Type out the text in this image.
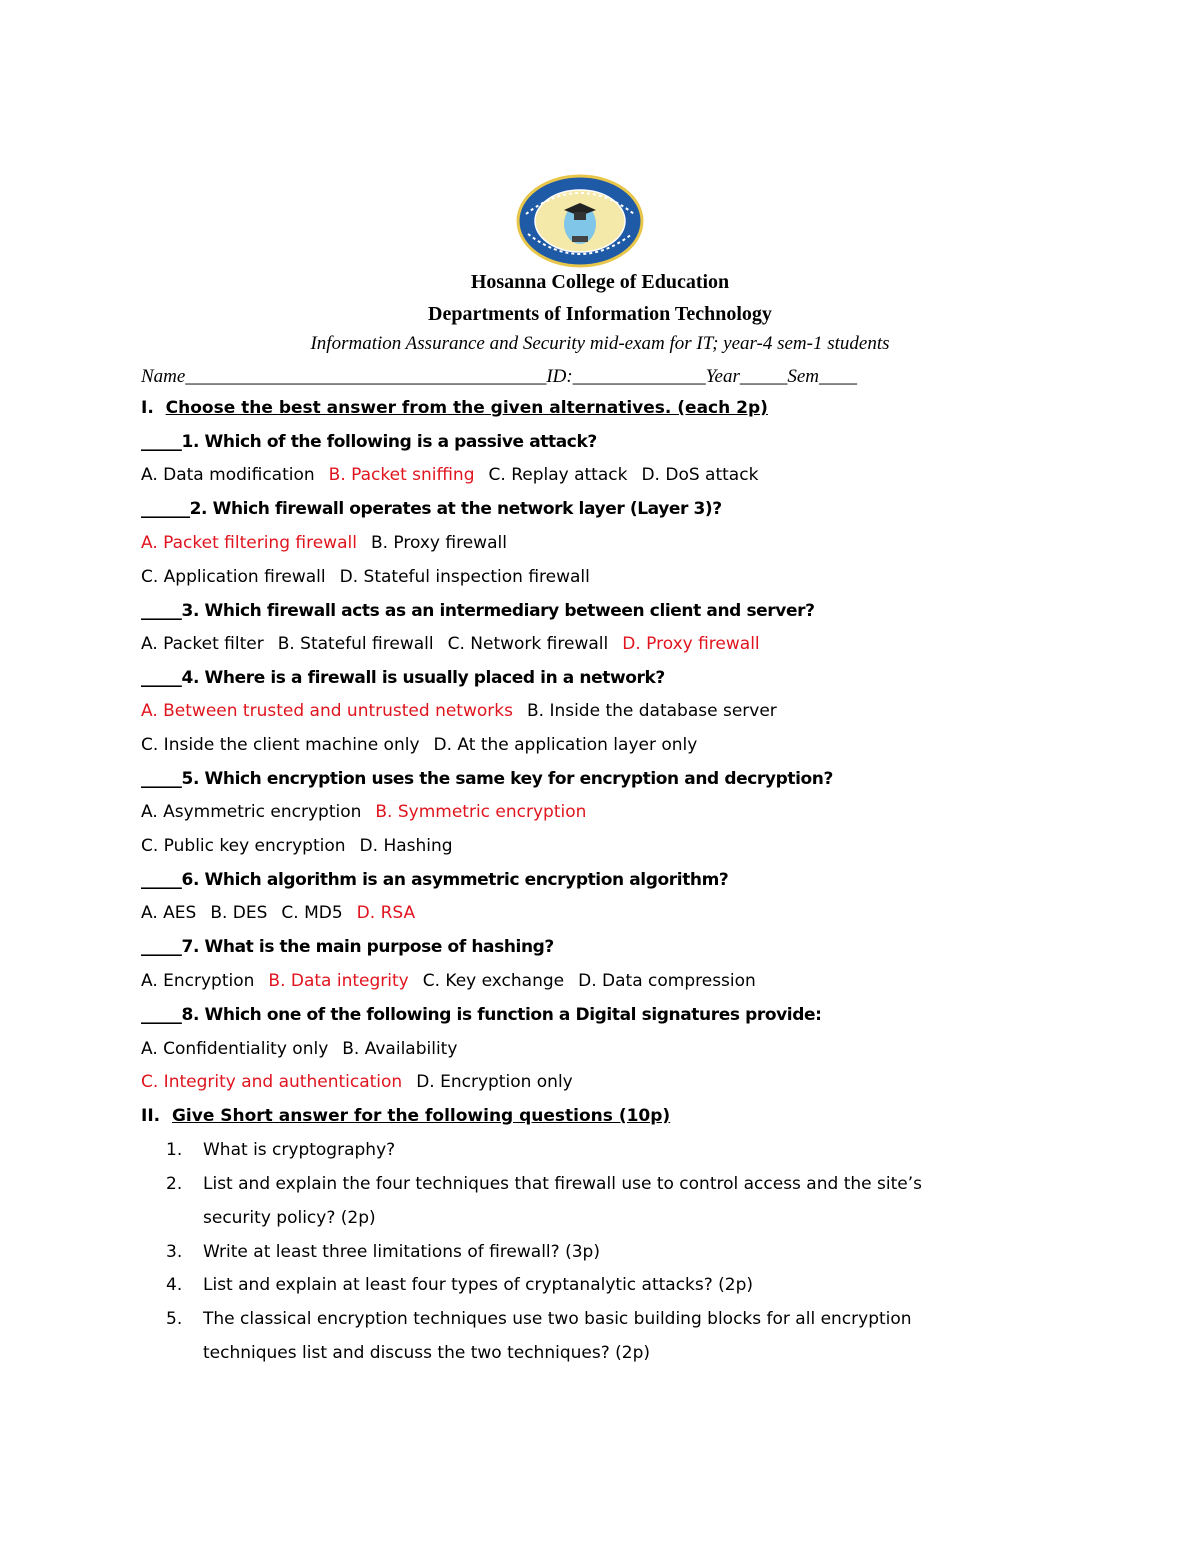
Hosanna College of Education
Departments of Information Technology
Information Assurance and Security mid-exam for IT; year-4 sem-1 students
Name______________________________________ID:______________Year_____Sem____
I. Choose the best answer from the given alternatives. (each 2p)
_____1. Which of the following is a passive attack?
A. Data modification B. Packet sniffing C. Replay attack D. DoS attack
______2. Which firewall operates at the network layer (Layer 3)?
A. Packet filtering firewall B. Proxy firewall
C. Application firewall D. Stateful inspection firewall
_____3. Which firewall acts as an intermediary between client and server?
A. Packet filter B. Stateful firewall C. Network firewall D. Proxy firewall
_____4. Where is a firewall is usually placed in a network?
A. Between trusted and untrusted networks B. Inside the database server
C. Inside the client machine only D. At the application layer only
_____5. Which encryption uses the same key for encryption and decryption?
A. Asymmetric encryption B. Symmetric encryption
C. Public key encryption D. Hashing
_____6. Which algorithm is an asymmetric encryption algorithm?
A. AES B. DES C. MD5 D. RSA
_____7. What is the main purpose of hashing?
A. Encryption B. Data integrity C. Key exchange D. Data compression
_____8. Which one of the following is function a Digital signatures provide:
A. Confidentiality only B. Availability
C. Integrity and authentication D. Encryption only
II. Give Short answer for the following questions (10p)
1. What is cryptography?
2. List and explain the four techniques that firewall use to control access and the site’s
security policy? (2p)
3. Write at least three limitations of firewall? (3p)
4. List and explain at least four types of cryptanalytic attacks? (2p)
5. The classical encryption techniques use two basic building blocks for all encryption
techniques list and discuss the two techniques? (2p)
